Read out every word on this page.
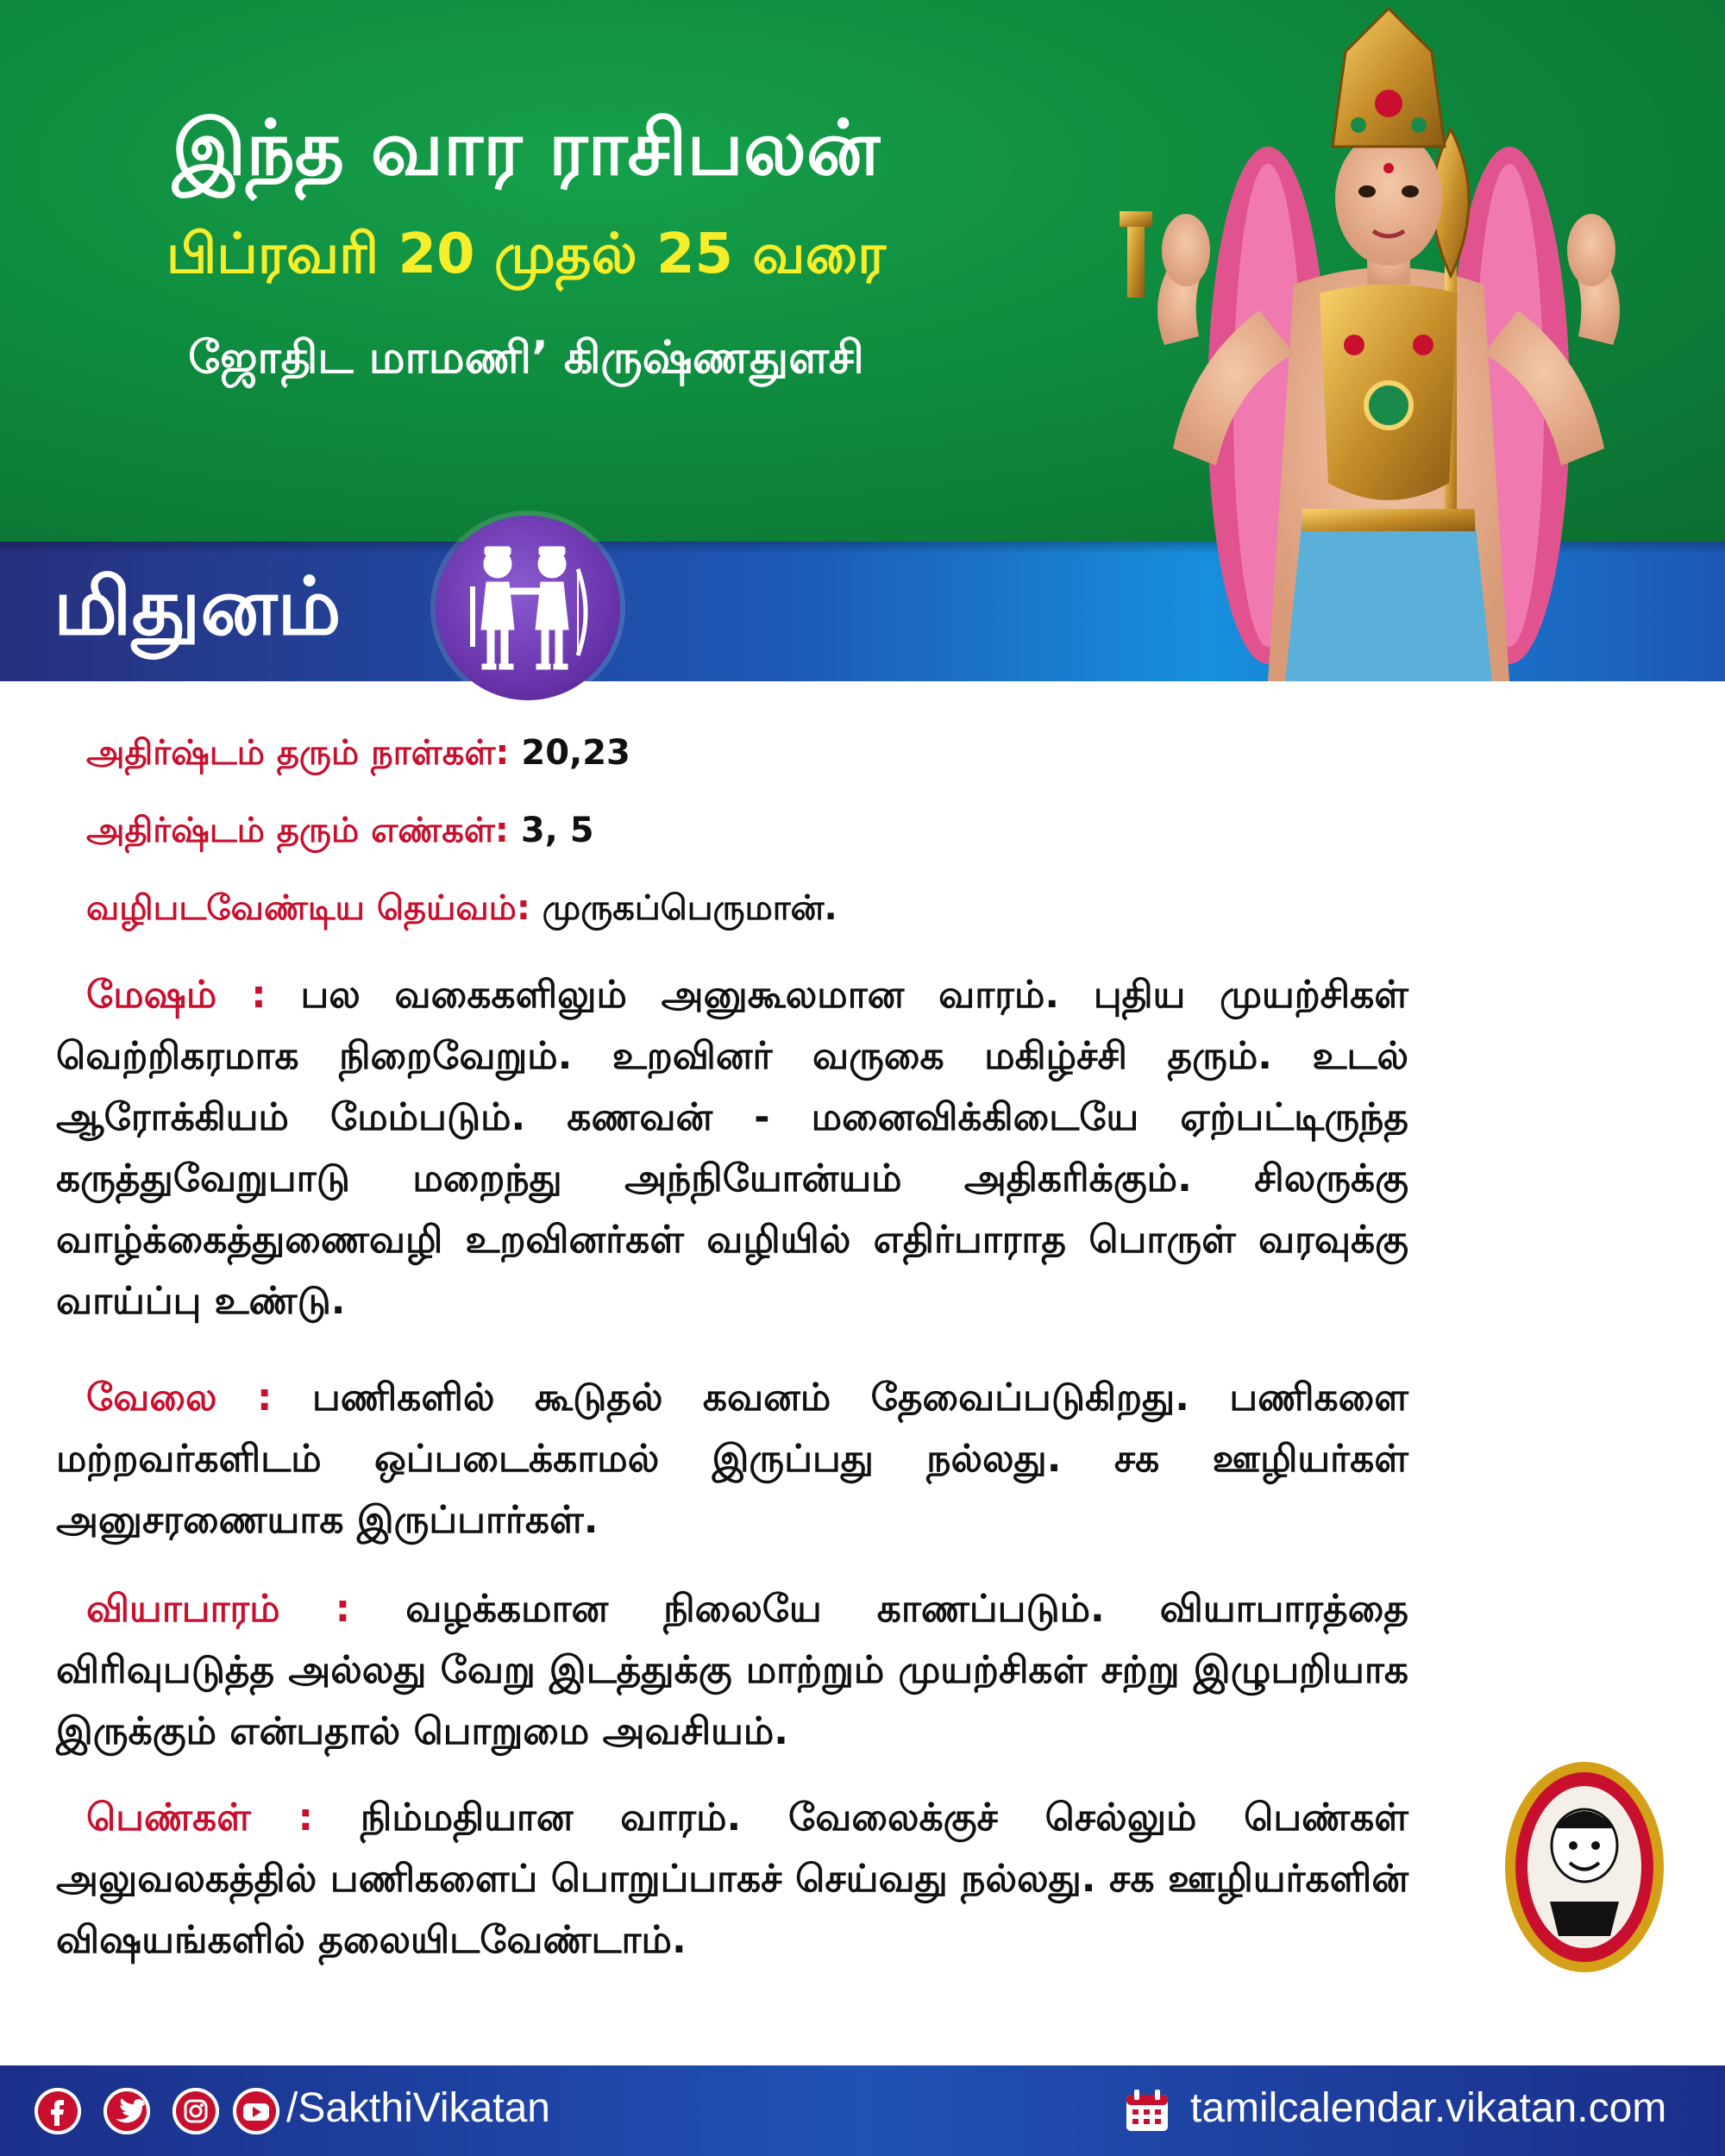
இந்த வார ராசிபலன்
பிப்ரவரி 20 முதல் 25 வரை
ஜோதிட மாமணி’ கிருஷ்ணதுளசி
மிதுனம்
அதிர்ஷ்டம் தரும் நாள்கள்: 20,23
அதிர்ஷ்டம் தரும் எண்கள்: 3, 5
வழிபடவேண்டிய தெய்வம்: முருகப்பெருமான்.
மேஷம் : பல வகைகளிலும் அனுகூலமான வாரம். புதிய முயற்சிகள் வெற்றிகரமாக நிறைவேறும். உறவினர் வருகை மகிழ்ச்சி தரும். உடல் ஆரோக்கியம் மேம்படும். கணவன் - மனைவிக்கிடையே ஏற்பட்டிருந்த கருத்துவேறுபாடு மறைந்து அந்நியோன்யம் அதிகரிக்கும். சிலருக்கு வாழ்க்கைத்துணைவழி உறவினர்கள் வழியில் எதிர்பாராத பொருள் வரவுக்கு வாய்ப்பு உண்டு.
வேலை : பணிகளில் கூடுதல் கவனம் தேவைப்படுகிறது. பணிகளை மற்றவர்களிடம் ஒப்படைக்காமல் இருப்பது நல்லது. சக ஊழியர்கள் அனுசரணையாக இருப்பார்கள்.
வியாபாரம் : வழக்கமான நிலையே காணப்படும். வியாபாரத்தை விரிவுபடுத்த அல்லது வேறு இடத்துக்கு மாற்றும் முயற்சிகள் சற்று இழுபறியாக இருக்கும் என்பதால் பொறுமை அவசியம்.
பெண்கள் : நிம்மதியான வாரம். வேலைக்குச் செல்லும் பெண்கள் அலுவலகத்தில் பணிகளைப் பொறுப்பாகச் செய்வது நல்லது. சக ஊழியர்களின் விஷயங்களில் தலையிடவேண்டாம்.
/SakthiVikatan	tamilcalendar.vikatan.com
